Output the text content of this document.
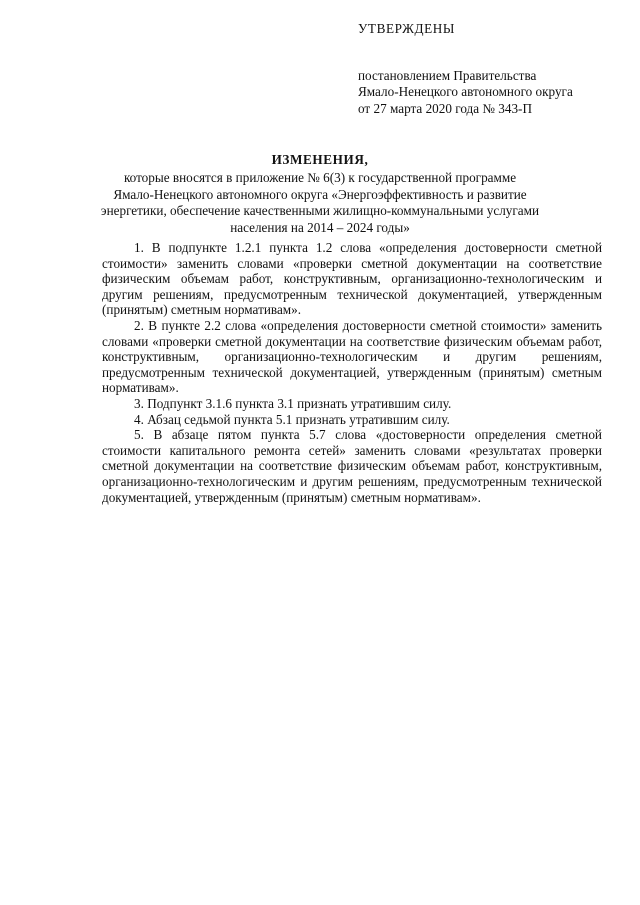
УТВЕРЖДЕНЫ
постановлением Правительства
Ямало-Ненецкого автономного округа
от 27 марта 2020 года № 343-П
ИЗМЕНЕНИЯ,
которые вносятся в приложение № 6(3) к государственной программе
Ямало-Ненецкого автономного округа «Энергоэффективность и развитие
энергетики, обеспечение качественными жилищно-коммунальными услугами
населения на 2014 – 2024 годы»

1. В подпункте 1.2.1 пункта 1.2 слова «определения достоверности сметной стоимости» заменить словами «проверки сметной документации на соответствие физическим объемам работ, конструктивным, организационно-технологическим и другим решениям, предусмотренным технической документацией, утвержденным (принятым) сметным нормативам».

2. В пункте 2.2 слова «определения достоверности сметной стоимости» заменить словами «проверки сметной документации на соответствие физическим объемам работ, конструктивным, организационно-технологическим и другим решениям, предусмотренным технической документацией, утвержденным (принятым) сметным нормативам».

3. Подпункт 3.1.6 пункта 3.1 признать утратившим силу.

4. Абзац седьмой пункта 5.1 признать утратившим силу.

5. В абзаце пятом пункта 5.7 слова «достоверности определения сметной стоимости капитального ремонта сетей» заменить словами «результатах проверки сметной документации на соответствие физическим объемам работ, конструктивным, организационно-технологическим и другим решениям, предусмотренным технической документацией, утвержденным (принятым) сметным нормативам».
